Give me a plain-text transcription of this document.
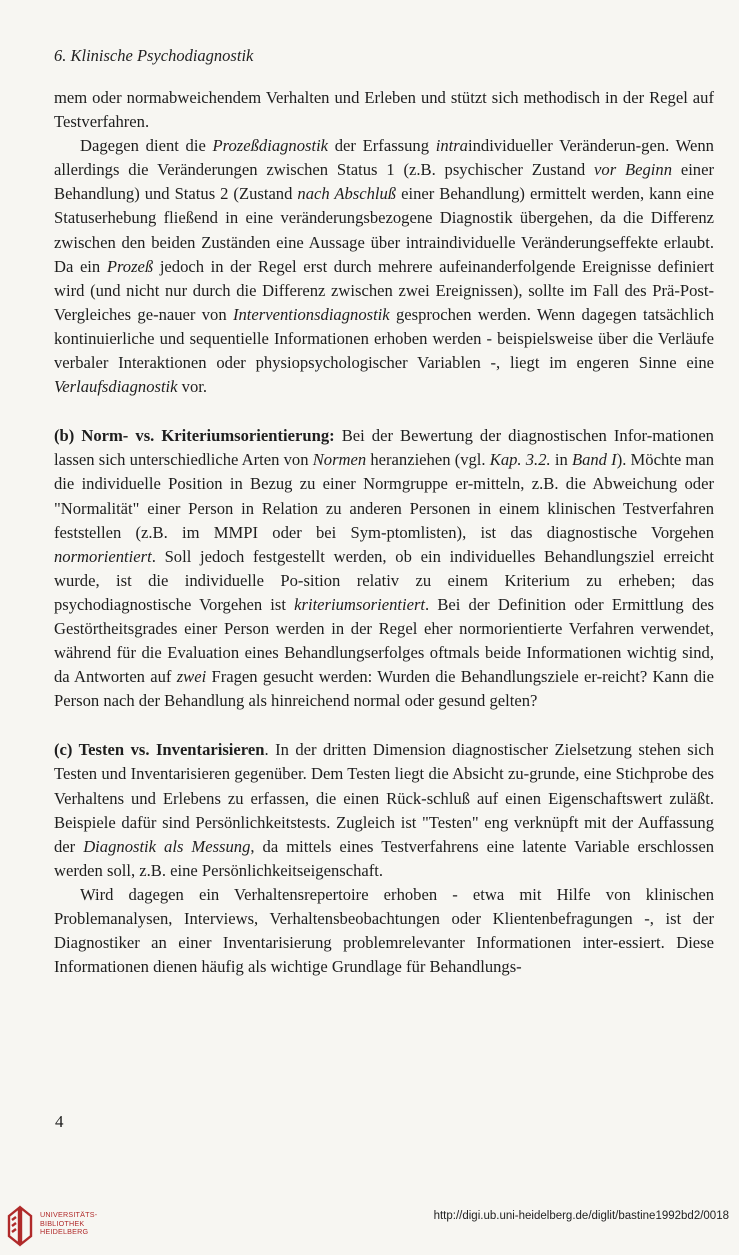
6. Klinische Psychodiagnostik

mem oder normabweichendem Verhalten und Erleben und stützt sich methodisch in der Regel auf Testverfahren.

Dagegen dient die Prozeßdiagnostik der Erfassung intraindividueller Veränderun-gen. Wenn allerdings die Veränderungen zwischen Status 1 (z.B. psychischer Zustand vor Beginn einer Behandlung) und Status 2 (Zustand nach Abschluß einer Behandlung) ermittelt werden, kann eine Statuserhebung fließend in eine veränderungsbezogene Diagnostik übergehen, da die Differenz zwischen den beiden Zuständen eine Aussage über intraindividuelle Veränderungseffekte erlaubt. Da ein Prozeß jedoch in der Regel erst durch mehrere aufeinanderfolgende Ereignisse definiert wird (und nicht nur durch die Differenz zwischen zwei Ereignissen), sollte im Fall des Prä-Post-Vergleiches ge-nauer von Interventionsdiagnostik gesprochen werden. Wenn dagegen tatsächlich kontinuierliche und sequentielle Informationen erhoben werden - beispielsweise über die Verläufe verbaler Interaktionen oder physiopsychologischer Variablen -, liegt im engeren Sinne eine Verlaufsdiagnostik vor.

(b) Norm- vs. Kriteriumsorientierung: Bei der Bewertung der diagnostischen Infor-mationen lassen sich unterschiedliche Arten von Normen heranziehen (vgl. Kap. 3.2. in Band I). Möchte man die individuelle Position in Bezug zu einer Normgruppe er-mitteln, z.B. die Abweichung oder "Normalität" einer Person in Relation zu anderen Personen in einem klinischen Testverfahren feststellen (z.B. im MMPI oder bei Sym-ptomlisten), ist das diagnostische Vorgehen normorientiert. Soll jedoch festgestellt werden, ob ein individuelles Behandlungsziel erreicht wurde, ist die individuelle Po-sition relativ zu einem Kriterium zu erheben; das psychodiagnostische Vorgehen ist kriteriumsorientiert. Bei der Definition oder Ermittlung des Gestörtheitsgrades einer Person werden in der Regel eher normorientierte Verfahren verwendet, während für die Evaluation eines Behandlungserfolges oftmals beide Informationen wichtig sind, da Antworten auf zwei Fragen gesucht werden: Wurden die Behandlungsziele er-reicht? Kann die Person nach der Behandlung als hinreichend normal oder gesund gelten?

(c) Testen vs. Inventarisieren. In der dritten Dimension diagnostischer Zielsetzung stehen sich Testen und Inventarisieren gegenüber. Dem Testen liegt die Absicht zu-grunde, eine Stichprobe des Verhaltens und Erlebens zu erfassen, die einen Rück-schluß auf einen Eigenschaftswert zuläßt. Beispiele dafür sind Persönlichkeitstests. Zugleich ist "Testen" eng verknüpft mit der Auffassung der Diagnostik als Messung, da mittels eines Testverfahrens eine latente Variable erschlossen werden soll, z.B. eine Persönlichkeitseigenschaft.

Wird dagegen ein Verhaltensrepertoire erhoben - etwa mit Hilfe von klinischen Problemanalysen, Interviews, Verhaltensbeobachtungen oder Klientenbefragungen -, ist der Diagnostiker an einer Inventarisierung problemrelevanter Informationen inter-essiert. Diese Informationen dienen häufig als wichtige Grundlage für Behandlungs-

4
UNIVERSITÄTS-
BIBLIOTHEK
HEIDELBERG
http://digi.ub.uni-heidelberg.de/diglit/bastine1992bd2/0018
